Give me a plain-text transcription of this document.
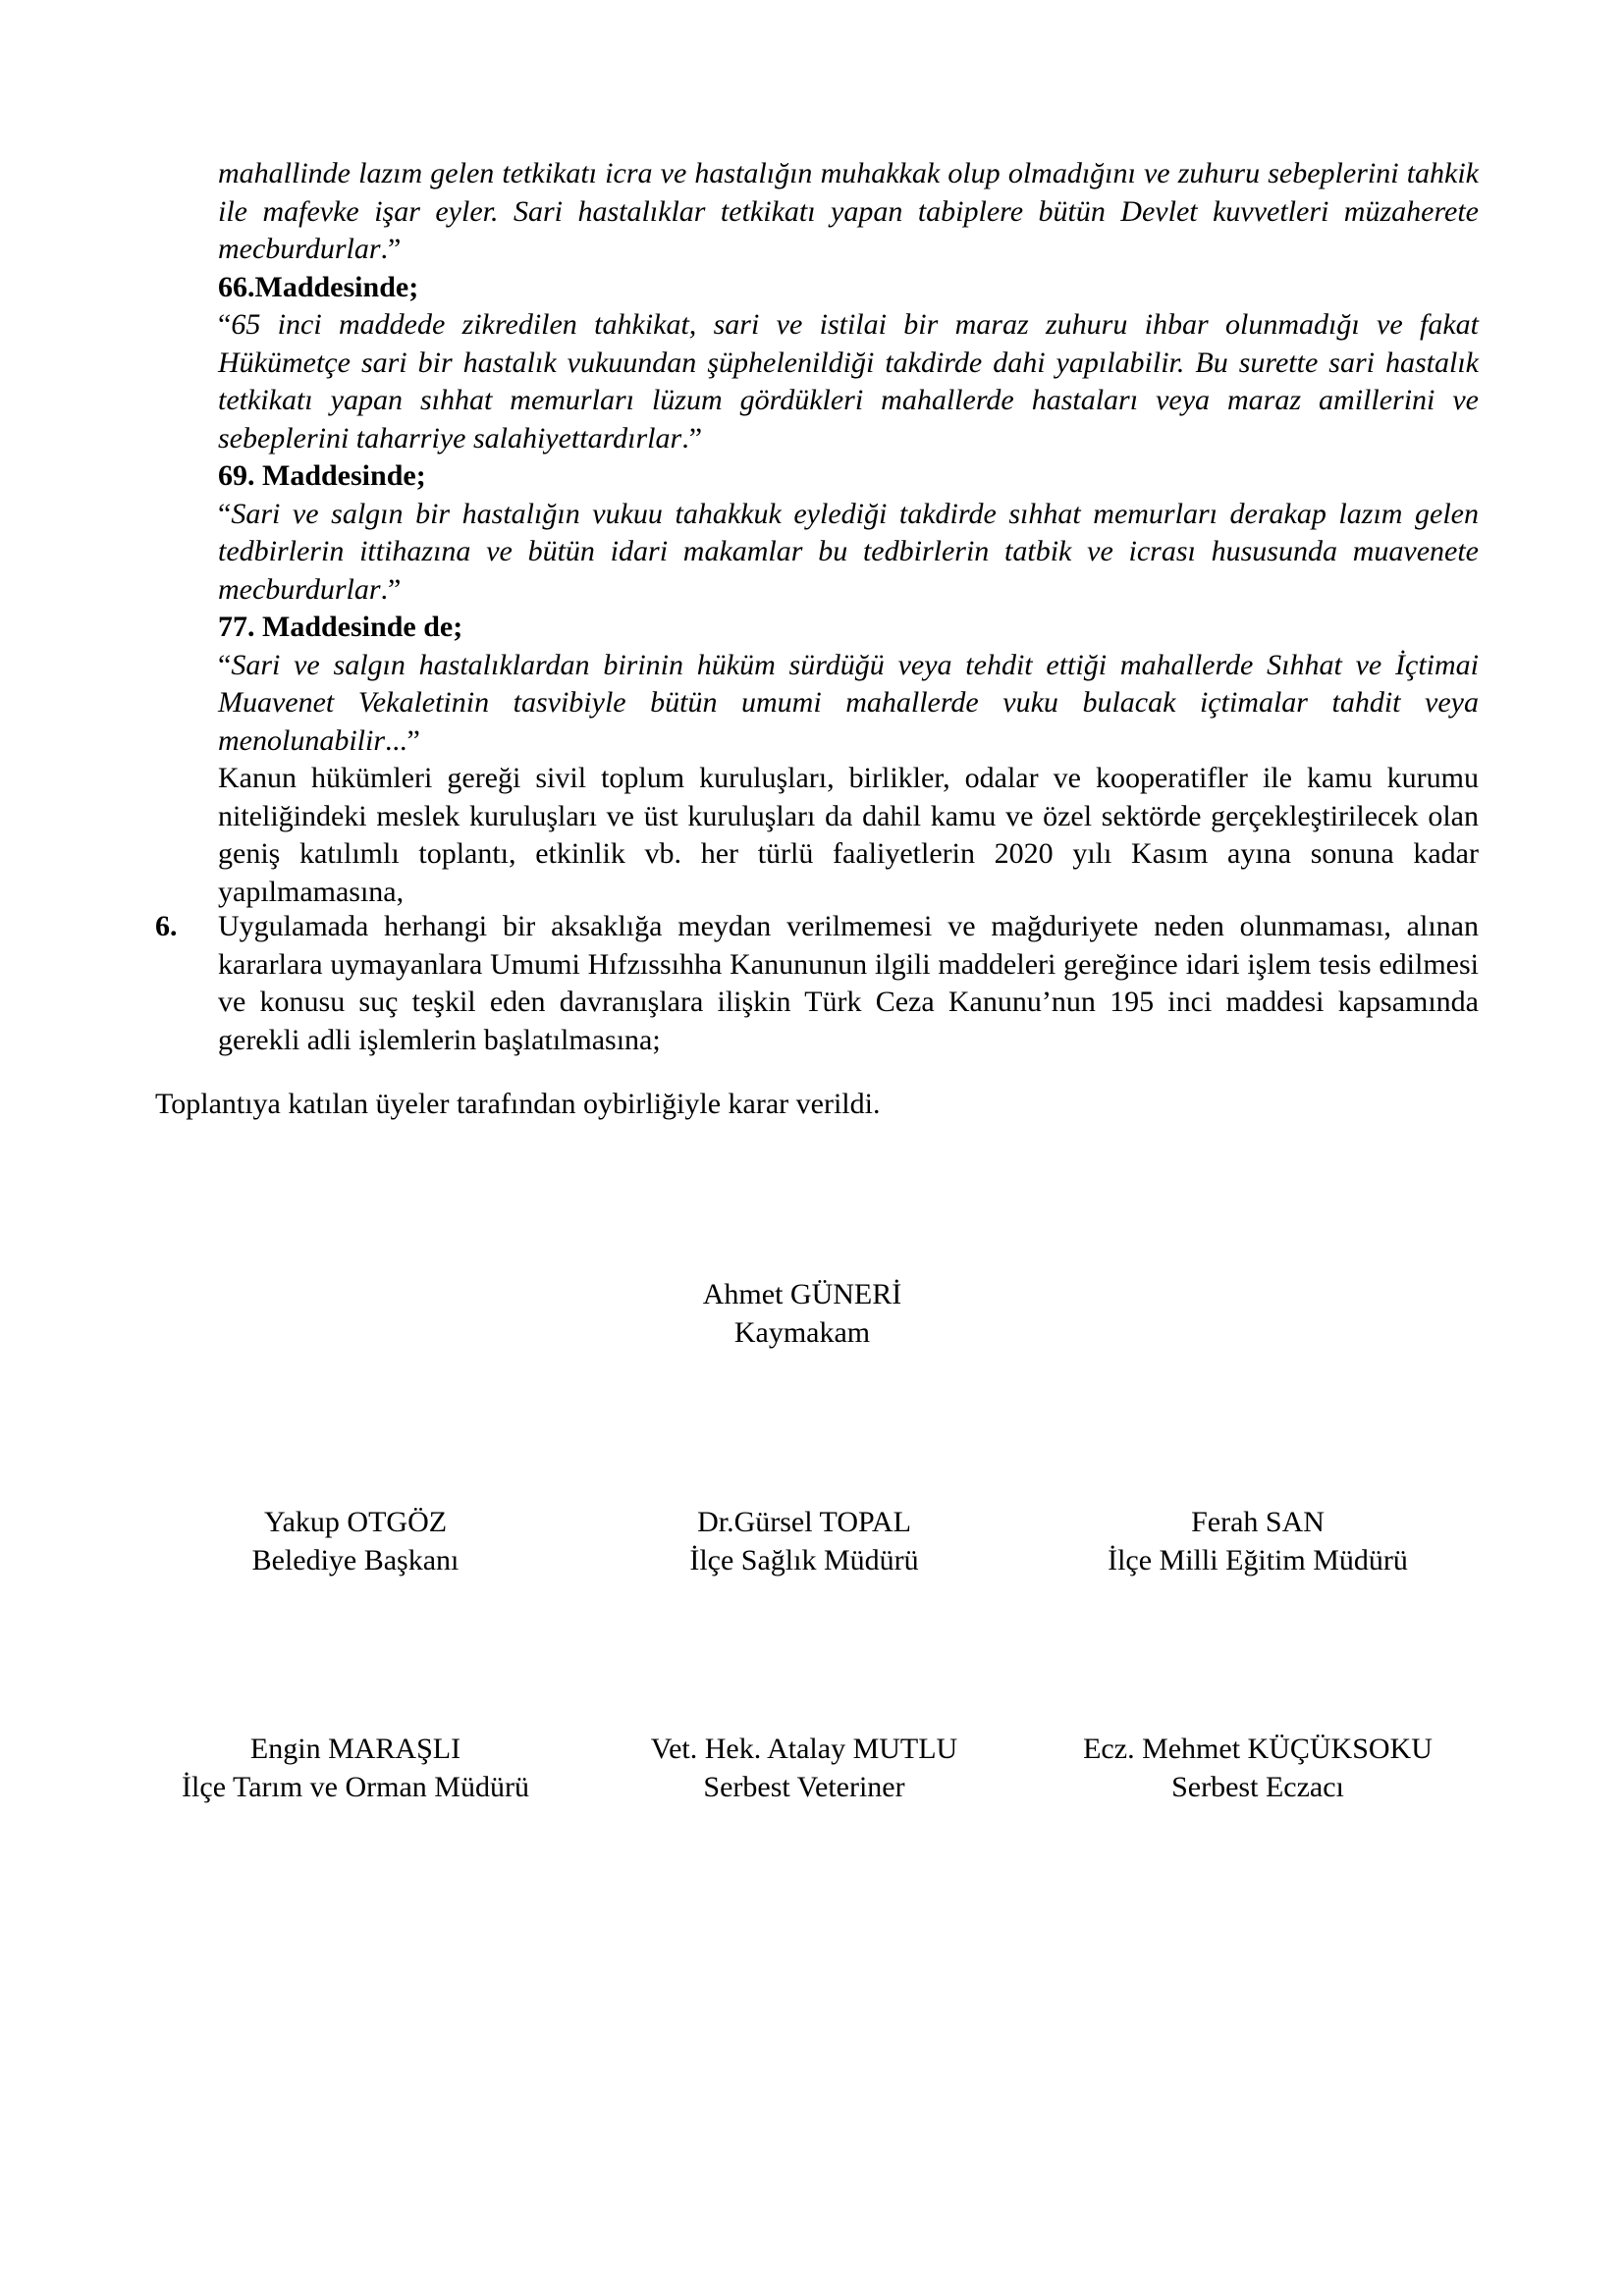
mahallinde lazım gelen tetkikatı icra ve hastalığın muhakkak olup olmadığını ve zuhuru sebeplerini tahkik ile mafevke işar eyler. Sari hastalıklar tetkikatı yapan tabiplere bütün Devlet kuvvetleri müzaherete mecburdurlar.”

66.Maddesinde;

“65 inci maddede zikredilen tahkikat, sari ve istilai bir maraz zuhuru ihbar olunmadığı ve fakat Hükümetçe sari bir hastalık vukuundan şüphelenildiği takdirde dahi yapılabilir. Bu surette sari hastalık tetkikatı yapan sıhhat memurları lüzum gördükleri mahallerde hastaları veya maraz amillerini ve sebeplerini taharriye salahiyettardırlar.”

69. Maddesinde;

“Sari ve salgın bir hastalığın vukuu tahakkuk eylediği takdirde sıhhat memurları derakap lazım gelen tedbirlerin ittihazına ve bütün idari makamlar bu tedbirlerin tatbik ve icrası hususunda muavenete mecburdurlar.”

77. Maddesinde de;

“Sari ve salgın hastalıklardan birinin hüküm sürdüğü veya tehdit ettiği mahallerde Sıhhat ve İçtimai Muavenet Vekaletinin tasvibiyle bütün umumi mahallerde vuku bulacak içtimalar tahdit veya menolunabilir...”

Kanun hükümleri gereği sivil toplum kuruluşları, birlikler, odalar ve kooperatifler ile kamu kurumu niteliğindeki meslek kuruluşları ve üst kuruluşları da dahil kamu ve özel sektörde gerçekleştirilecek olan geniş katılımlı toplantı, etkinlik vb. her türlü faaliyetlerin 2020 yılı Kasım ayına sonuna kadar yapılmamasına,

6. Uygulamada herhangi bir aksaklığa meydan verilmemesi ve mağduriyete neden olunmaması, alınan kararlara uymayanlara Umumi Hıfzıssıhha Kanununun ilgili maddeleri gereğince idari işlem tesis edilmesi ve konusu suç teşkil eden davranışlara ilişkin Türk Ceza Kanunu’nun 195 inci maddesi kapsamında gerekli adli işlemlerin başlatılmasına;

Toplantıya katılan üyeler tarafından oybirliğiyle karar verildi.

Ahmet GÜNERİ
Kaymakam
Yakup OTGÖZ
Belediye Başkanı
Dr.Gürsel TOPAL
İlçe Sağlık Müdürü
Ferah SAN
İlçe Milli Eğitim Müdürü
Engin MARAŞLI
İlçe Tarım ve Orman Müdürü
Vet. Hek. Atalay MUTLU
Serbest Veteriner
Ecz. Mehmet KÜÇÜKSOKU
Serbest Eczacı
